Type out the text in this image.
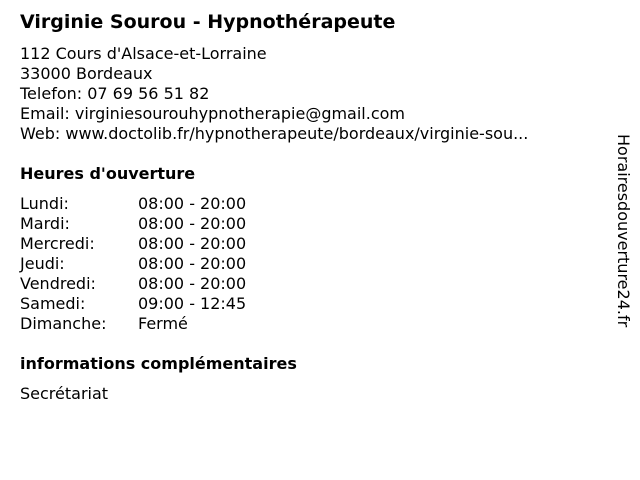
Virginie Sourou - Hypnothérapeute
112 Cours d'Alsace-et-Lorraine
33000 Bordeaux
Telefon: 07 69 56 51 82
Email: virginiesourouhypnotherapie@gmail.com
Web: www.doctolib.fr/hypnotherapeute/bordeaux/virginie-sou...
Heures d'ouverture
Lundi:	08:00 - 20:00
Mardi:	08:00 - 20:00
Mercredi:	08:00 - 20:00
Jeudi:	08:00 - 20:00
Vendredi:	08:00 - 20:00
Samedi:	09:00 - 12:45
Dimanche: Fermé
informations complémentaires
Secrétariat
Horairesdouverture24.fr
